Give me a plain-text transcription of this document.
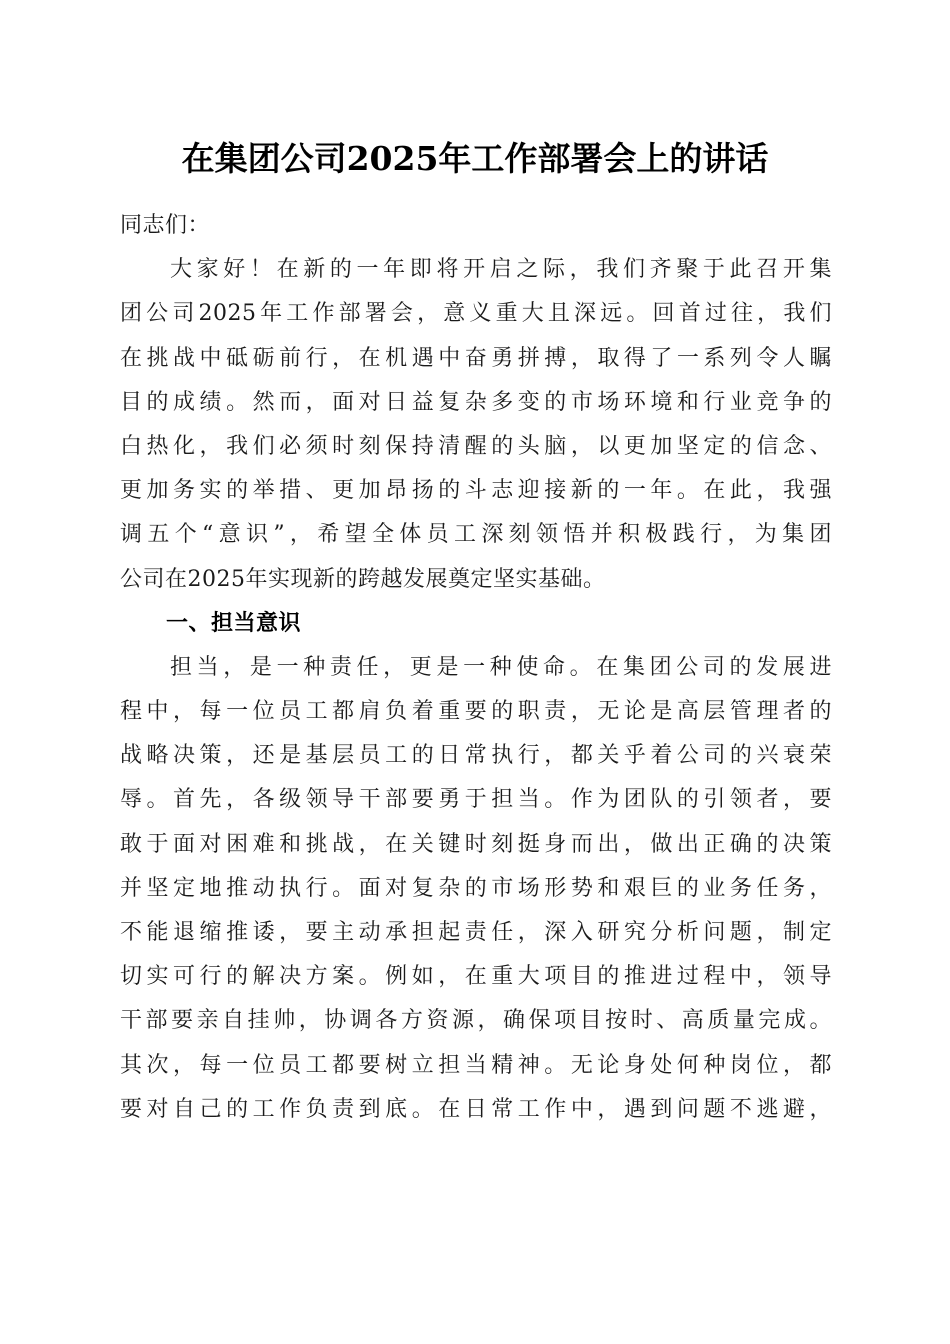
在集团公司2025年工作部署会上的讲话
同志们：
大家好！在新的一年即将开启之际，我们齐聚于此召开集
团公司2025年工作部署会，意义重大且深远。回首过往，我们
在挑战中砥砺前行，在机遇中奋勇拼搏，取得了一系列令人瞩
目的成绩。然而，面对日益复杂多变的市场环境和行业竞争的
白热化，我们必须时刻保持清醒的头脑，以更加坚定的信念、
更加务实的举措、更加昂扬的斗志迎接新的一年。在此，我强
调五个“意识”，希望全体员工深刻领悟并积极践行，为集团
公司在2025年实现新的跨越发展奠定坚实基础。
一、担当意识
担当，是一种责任，更是一种使命。在集团公司的发展进
程中，每一位员工都肩负着重要的职责，无论是高层管理者的
战略决策，还是基层员工的日常执行，都关乎着公司的兴衰荣
辱。首先，各级领导干部要勇于担当。作为团队的引领者，要
敢于面对困难和挑战，在关键时刻挺身而出，做出正确的决策
并坚定地推动执行。面对复杂的市场形势和艰巨的业务任务，
不能退缩推诿，要主动承担起责任，深入研究分析问题，制定
切实可行的解决方案。例如，在重大项目的推进过程中，领导
干部要亲自挂帅，协调各方资源，确保项目按时、高质量完成。
其次，每一位员工都要树立担当精神。无论身处何种岗位，都
要对自己的工作负责到底。在日常工作中，遇到问题不逃避，
